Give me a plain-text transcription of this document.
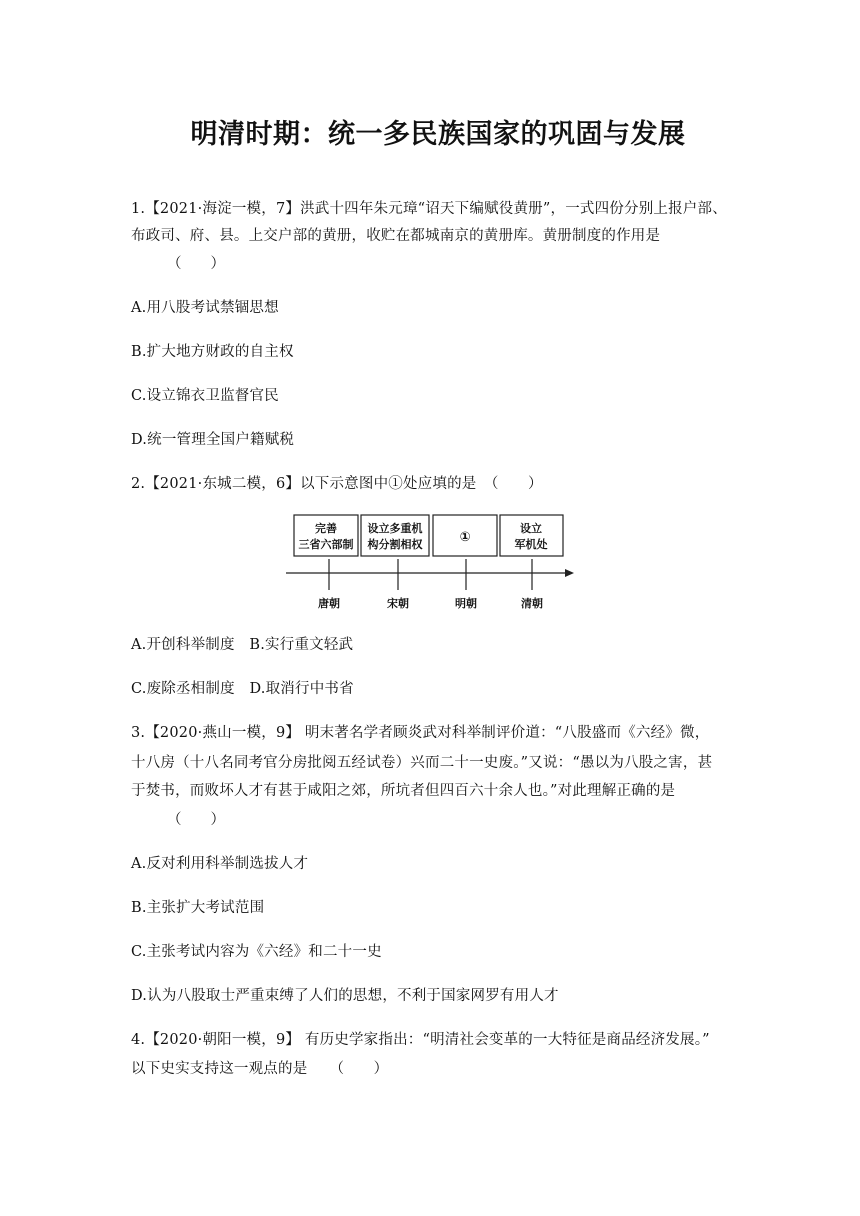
明清时期：统一多民族国家的巩固与发展
1.【2021·海淀一模，7】洪武十四年朱元璋“诏天下编赋役黄册”，一式四份分别上报户部、
布政司、府、县。上交户部的黄册，收贮在都城南京的黄册库。黄册制度的作用是
（　　）
A.用八股考试禁锢思想
B.扩大地方财政的自主权
C.设立锦衣卫监督官民
D.统一管理全国户籍赋税
2.【2021·东城二模，6】以下示意图中①处应填的是　（　　）
完善
三省六部制
设立多重机
构分割相权	①
设立
军机处
唐朝	宋朝	明朝	清朝
A.开创科举制度　B.实行重文轻武
C.废除丞相制度　D.取消行中书省
3.【2020·燕山一模，9】 明末著名学者顾炎武对科举制评价道：“八股盛而《六经》微，
十八房（十八名同考官分房批阅五经试卷）兴而二十一史废。”又说：“愚以为八股之害，甚
于焚书，而败坏人才有甚于咸阳之郊，所坑者但四百六十余人也。”对此理解正确的是
（　　）
A.反对利用科举制选拔人才
B.主张扩大考试范围
C.主张考试内容为《六经》和二十一史
D.认为八股取士严重束缚了人们的思想，不利于国家网罗有用人才
4.【2020·朝阳一模，9】 有历史学家指出：“明清社会变革的一大特征是商品经济发展。”
以下史实支持这一观点的是　　（　　）
